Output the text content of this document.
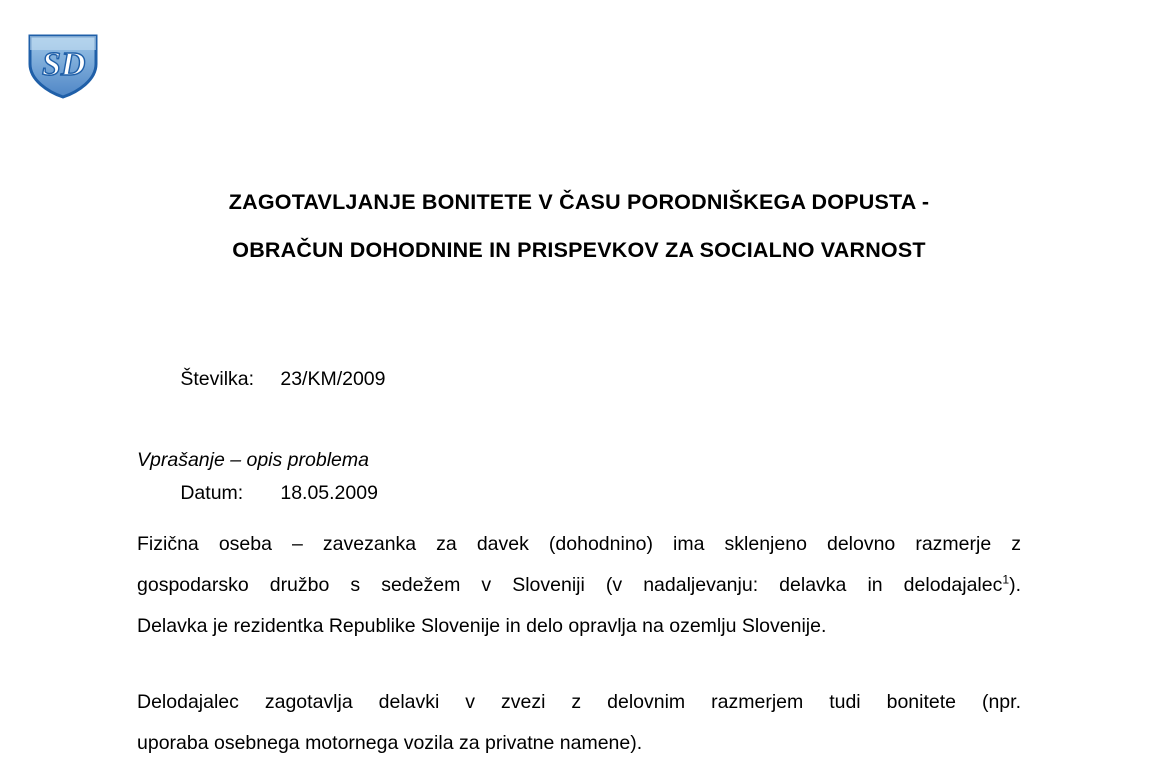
SD
ZAGOTAVLJANJE BONITETE V ČASU PORODNIŠKEGA DOPUSTA -
OBRAČUN DOHODNINE IN PRISPEVKOV ZA SOCIALNO VARNOST

Številka: 23/KM/2009

Datum: 18.05.2009

Vprašanje – opis problema
Fizična oseba – zavezanka za davek (dohodnino) ima sklenjeno delovno razmerje z
gospodarsko družbo s sedežem v Sloveniji (v nadaljevanju: delavka in delodajalec$^1$).
Delavka je rezidentka Republike Slovenije in delo opravlja na ozemlju Slovenije.
Delodajalec zagotavlja delavki v zvezi z delovnim razmerjem tudi bonitete (npr.
uporaba osebnega motornega vozila za privatne namene).
